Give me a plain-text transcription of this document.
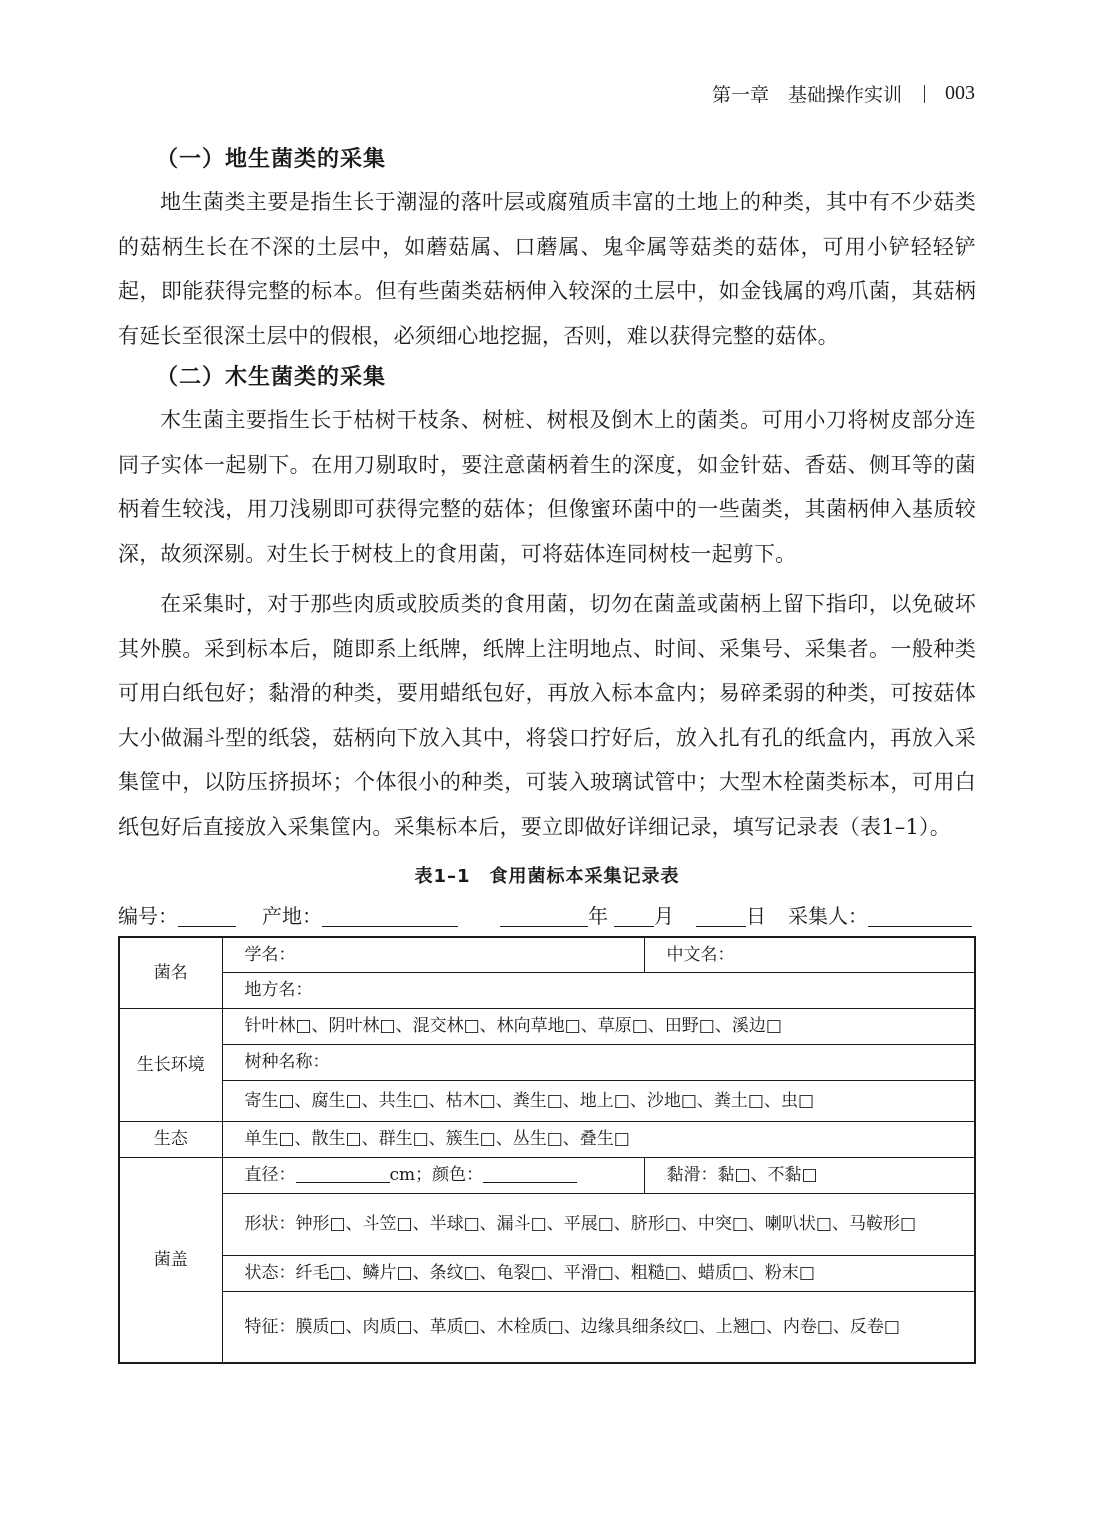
第一章　基础操作实训 003
（一）地生菌类的采集

地生菌类主要是指生长于潮湿的落叶层或腐殖质丰富的土地上的种类，其中有不少菇类的菇柄生长在不深的土层中，如蘑菇属、口蘑属、鬼伞属等菇类的菇体，可用小铲轻轻铲起，即能获得完整的标本。但有些菌类菇柄伸入较深的土层中，如金钱属的鸡爪菌，其菇柄有延长至很深土层中的假根，必须细心地挖掘，否则，难以获得完整的菇体。

（二）木生菌类的采集

木生菌主要指生长于枯树干枝条、树桩、树根及倒木上的菌类。可用小刀将树皮部分连同子实体一起剔下。在用刀剔取时，要注意菌柄着生的深度，如金针菇、香菇、侧耳等的菌柄着生较浅，用刀浅剔即可获得完整的菇体；但像蜜环菌中的一些菌类，其菌柄伸入基质较深，故须深剔。对生长于树枝上的食用菌，可将菇体连同树枝一起剪下。

在采集时，对于那些肉质或胶质类的食用菌，切勿在菌盖或菌柄上留下指印，以免破坏其外膜。采到标本后，随即系上纸牌，纸牌上注明地点、时间、采集号、采集者。一般种类可用白纸包好；黏滑的种类，要用蜡纸包好，再放入标本盒内；易碎柔弱的种类，可按菇体大小做漏斗型的纸袋，菇柄向下放入其中，将袋口拧好后，放入扎有孔的纸盒内，再放入采集筐中，以防压挤损坏；个体很小的种类，可装入玻璃试管中；大型木栓菌类标本，可用白纸包好后直接放入采集筐内。采集标本后，要立即做好详细记录，填写记录表（表1–1）。

表1–1　食用菌标本采集记录表
编号：	产地：	年 月	日 采集人：
菌名	学名：	中文名：
	地方名：	
生长环境	针叶林□、阴叶林□、混交林□、林向草地□、草原□、田野□、溪边□	
	树种名称：	
	寄生□、腐生□、共生□、枯木□、粪生□、地上□、沙地□、粪土□、虫□	
生态	单生□、散生□、群生□、簇生□、丛生□、叠生□	
菌盖	直径： cm；颜色：	黏滑：黏□、不黏□
	形状：钟形□、斗笠□、半球□、漏斗□、平展□、脐形□、中突□、喇叭状□、马鞍形□	
	状态：纤毛□、鳞片□、条纹□、龟裂□、平滑□、粗糙□、蜡质□、粉末□	
	特征：膜质□、肉质□、革质□、木栓质□、边缘具细条纹□、上翘□、内卷□、反卷□	
